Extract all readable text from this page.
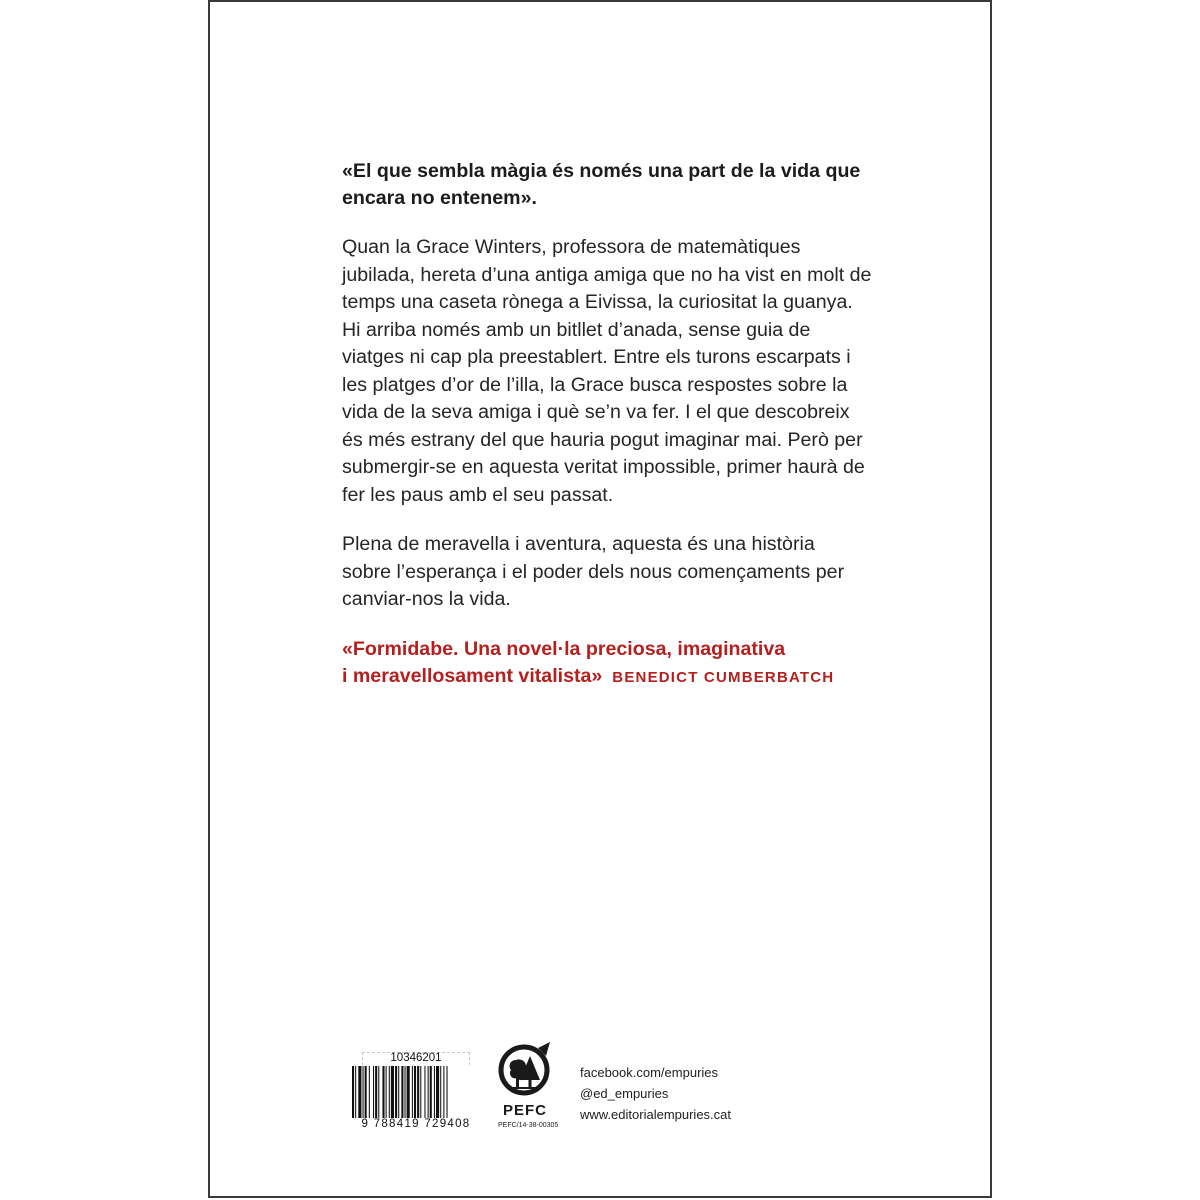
«El que sembla màgia és només una part de la vida que
encara no entenem».

Quan la Grace Winters, professora de matemàtiques
jubilada, hereta d’una antiga amiga que no ha vist en molt de
temps una caseta rònega a Eivissa, la curiositat la guanya.
Hi arriba només amb un bitllet d’anada, sense guia de
viatges ni cap pla preestablert. Entre els turons escarpats i
les platges d’or de l’illa, la Grace busca respostes sobre la
vida de la seva amiga i què se’n va fer. I el que descobreix
és més estrany del que hauria pogut imaginar mai. Però per
submergir-se en aquesta veritat impossible, primer haurà de
fer les paus amb el seu passat.

Plena de meravella i aventura, aquesta és una història
sobre l’esperança i el poder dels nous començaments per
canviar-nos la vida.

«Formidabe. Una novel·la preciosa, imaginativa
i meravellosament vitalista» BENEDICT CUMBERBATCH

10346201
9 788419 729408
PEFC
PEFC/14-38-00305
facebook.com/empuries
@ed_empuries
www.editorialempuries.cat
